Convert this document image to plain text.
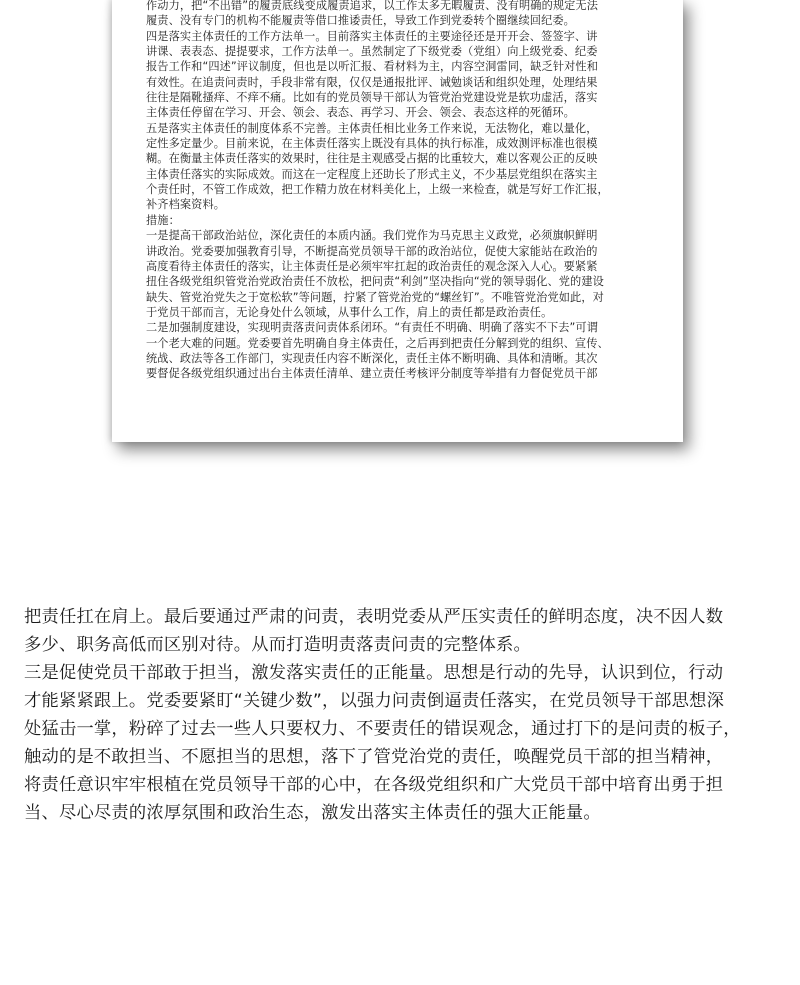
作动力，把“不出错”的履责底线变成履责追求，以工作太多无暇履责、没有明确的规定无法
履责、没有专门的机构不能履责等借口推诿责任，导致工作到党委转个圈继续回纪委。
四是落实主体责任的工作方法单一。目前落实主体责任的主要途径还是开开会、签签字、讲
讲课、表表态、提提要求，工作方法单一。虽然制定了下级党委（党组）向上级党委、纪委
报告工作和“四述”评议制度，但也是以听汇报、看材料为主，内容空洞雷同，缺乏针对性和
有效性。在追责问责时，手段非常有限，仅仅是通报批评、诫勉谈话和组织处理，处理结果
往往是隔靴搔痒、不痒不痛。比如有的党员领导干部认为管党治党建设党是软功虚活，落实
主体责任停留在学习、开会、领会、表态、再学习、开会、领会、表态这样的死循环。
五是落实主体责任的制度体系不完善。主体责任相比业务工作来说，无法物化，难以量化，
定性多定量少。目前来说，在主体责任落实上既没有具体的执行标准，成效测评标准也很模
糊。在衡量主体责任落实的效果时，往往是主观感受占据的比重较大，难以客观公正的反映
主体责任落实的实际成效。而这在一定程度上还助长了形式主义，不少基层党组织在落实主
个责任时，不管工作成效，把工作精力放在材料美化上，上级一来检查，就是写好工作汇报，
补齐档案资料。
措施：
一是提高干部政治站位，深化责任的本质内涵。我们党作为马克思主义政党，必须旗帜鲜明
讲政治。党委要加强教育引导，不断提高党员领导干部的政治站位，促使大家能站在政治的
高度看待主体责任的落实，让主体责任是必须牢牢扛起的政治责任的观念深入人心。要紧紧
扭住各级党组织管党治党政治责任不放松，把问责“利剑”坚决指向“党的领导弱化、党的建设
缺失、管党治党失之于宽松软”等问题，拧紧了管党治党的“螺丝钉”。不唯管党治党如此，对
于党员干部而言，无论身处什么领域，从事什么工作，肩上的责任都是政治责任。
二是加强制度建设，实现明责落责问责体系闭环。“有责任不明确、明确了落实不下去”可谓
一个老大难的问题。党委要首先明确自身主体责任，之后再到把责任分解到党的组织、宣传、
统战、政法等各工作部门，实现责任内容不断深化，责任主体不断明确、具体和清晰。其次
要督促各级党组织通过出台主体责任清单、建立责任考核评分制度等举措有力督促党员干部
把责任扛在肩上。最后要通过严肃的问责，表明党委从严压实责任的鲜明态度，决不因人数
多少、职务高低而区别对待。从而打造明责落责问责的完整体系。
三是促使党员干部敢于担当，激发落实责任的正能量。思想是行动的先导，认识到位，行动
才能紧紧跟上。党委要紧盯“关键少数”，以强力问责倒逼责任落实，在党员领导干部思想深
处猛击一掌，粉碎了过去一些人只要权力、不要责任的错误观念，通过打下的是问责的板子，
触动的是不敢担当、不愿担当的思想，落下了管党治党的责任，唤醒党员干部的担当精神，
将责任意识牢牢根植在党员领导干部的心中，在各级党组织和广大党员干部中培育出勇于担
当、尽心尽责的浓厚氛围和政治生态，激发出落实主体责任的强大正能量。
